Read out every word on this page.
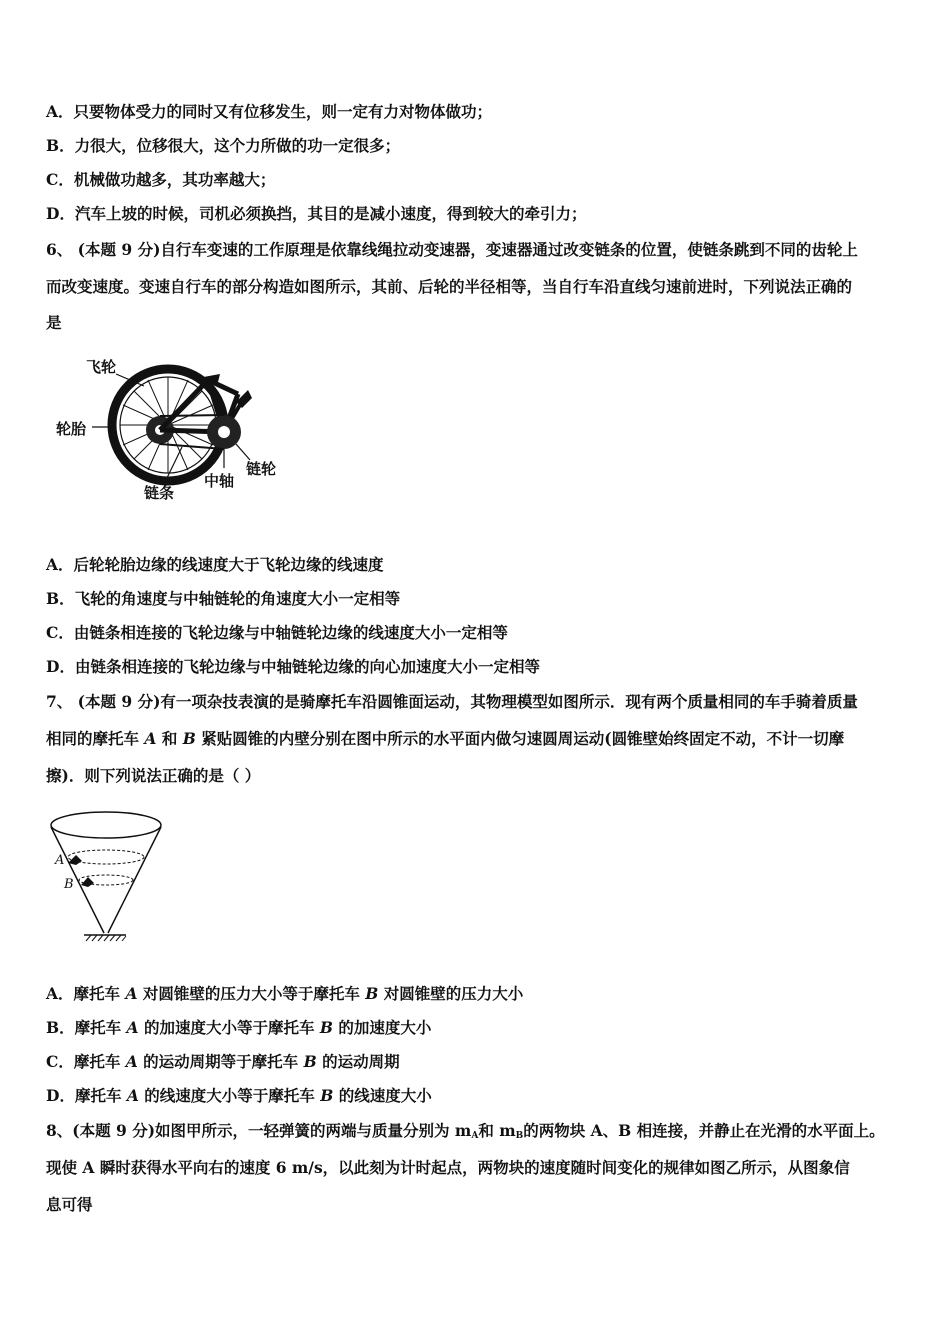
A．只要物体受力的同时又有位移发生，则一定有力对物体做功；
B．力很大，位移很大，这个力所做的功一定很多；
C．机械做功越多，其功率越大；
D．汽车上坡的时候，司机必须换挡，其目的是减小速度，得到较大的牵引力；
6、 (本题 9 分)自行车变速的工作原理是依靠线绳拉动变速器，变速器通过改变链条的位置，使链条跳到不同的齿轮上
而改变速度。变速自行车的部分构造如图所示，其前、后轮的半径相等，当自行车沿直线匀速前进时，下列说法正确的
是
飞轮
轮胎
链条
中轴
链轮
A．后轮轮胎边缘的线速度大于飞轮边缘的线速度
B．飞轮的角速度与中轴链轮的角速度大小一定相等
C．由链条相连接的飞轮边缘与中轴链轮边缘的线速度大小一定相等
D．由链条相连接的飞轮边缘与中轴链轮边缘的向心加速度大小一定相等
7、 (本题 9 分)有一项杂技表演的是骑摩托车沿圆锥面运动，其物理模型如图所示．现有两个质量相同的车手骑着质量
相同的摩托车 A 和 B 紧贴圆锥的内壁分别在图中所示的水平面内做匀速圆周运动(圆锥壁始终固定不动，不计一切摩
擦)．则下列说法正确的是（ ）
A
B
A．摩托车 A 对圆锥壁的压力大小等于摩托车 B 对圆锥壁的压力大小
B．摩托车 A 的加速度大小等于摩托车 B 的加速度大小
C．摩托车 A 的运动周期等于摩托车 B 的运动周期
D．摩托车 A 的线速度大小等于摩托车 B 的线速度大小
8、(本题 9 分)如图甲所示，一轻弹簧的两端与质量分别为 $m_A$和 $m_B$的两物块 A、B 相连接，并静止在光滑的水平面上。
现使 A 瞬时获得水平向右的速度 6 m/s，以此刻为计时起点，两物块的速度随时间变化的规律如图乙所示，从图象信
息可得
